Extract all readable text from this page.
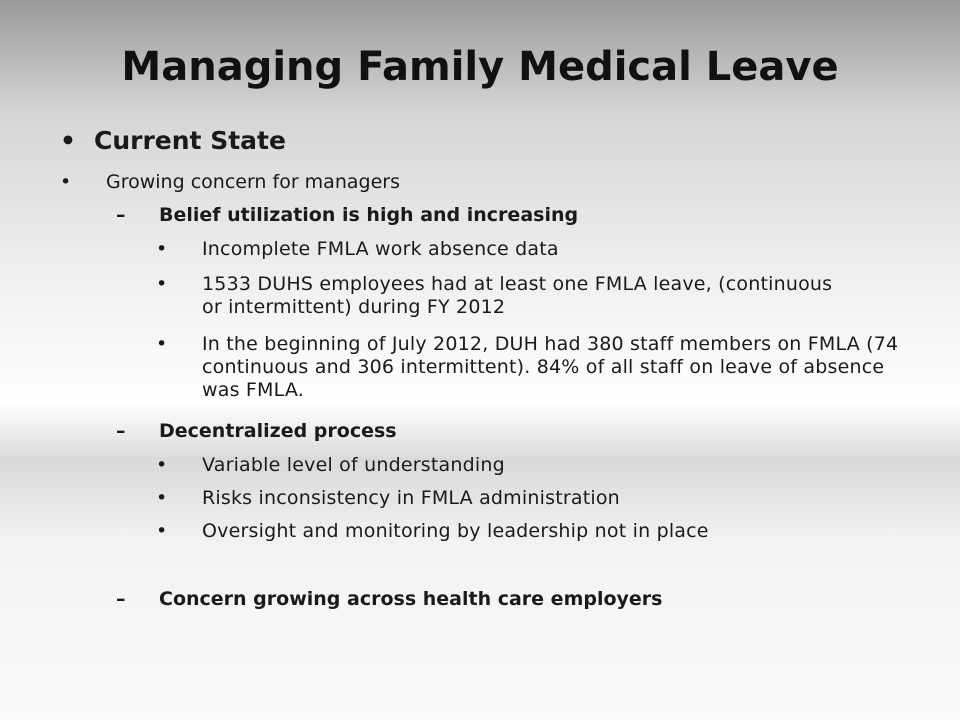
Managing Family Medical Leave
• Current State
• Growing concern for managers
– Belief utilization is high and increasing
• Incomplete FMLA work absence data
• 1533 DUHS employees had at least one FMLA leave, (continuous or intermittent) during FY 2012
• In the beginning of July 2012, DUH had 380 staff members on FMLA (74 continuous and 306 intermittent). 84% of all staff on leave of absence was FMLA.
– Decentralized process
• Variable level of understanding
• Risks inconsistency in FMLA administration
• Oversight and monitoring by leadership not in place
– Concern growing across health care employers
